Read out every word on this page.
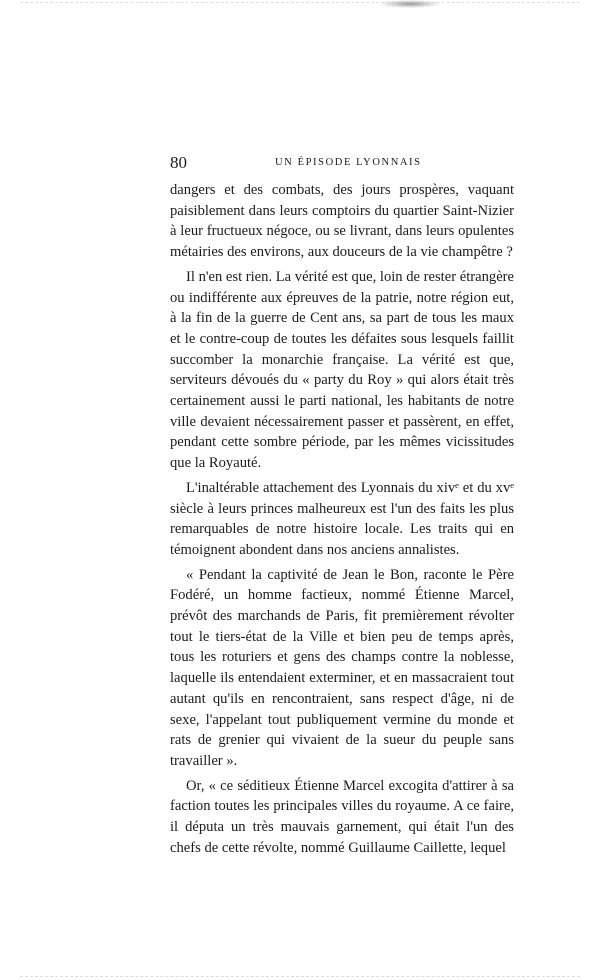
80	UN ÉPISODE LYONNAIS

dangers et des combats, des jours prospères, vaquant paisiblement dans leurs comptoirs du quartier Saint-Nizier à leur fructueux négoce, ou se livrant, dans leurs opulentes métairies des environs, aux douceurs de la vie champêtre ?

Il n'en est rien. La vérité est que, loin de rester étrangère ou indifférente aux épreuves de la patrie, notre région eut, à la fin de la guerre de Cent ans, sa part de tous les maux et le contre-coup de toutes les défaites sous lesquels faillit succomber la monarchie française. La vérité est que, serviteurs dévoués du « party du Roy » qui alors était très certainement aussi le parti national, les habitants de notre ville devaient nécessairement passer et passèrent, en effet, pendant cette sombre période, par les mêmes vicissitudes que la Royauté.

L'inaltérable attachement des Lyonnais du xivᵉ et du xvᵉ siècle à leurs princes malheureux est l'un des faits les plus remarquables de notre histoire locale. Les traits qui en témoignent abondent dans nos anciens annalistes.

« Pendant la captivité de Jean le Bon, raconte le Père Fodéré, un homme factieux, nommé Étienne Marcel, prévôt des marchands de Paris, fit premièrement révolter tout le tiers-état de la Ville et bien peu de temps après, tous les roturiers et gens des champs contre la noblesse, laquelle ils entendaient exterminer, et en massacraient tout autant qu'ils en rencontraient, sans respect d'âge, ni de sexe, l'appelant tout publiquement vermine du monde et rats de grenier qui vivaient de la sueur du peuple sans travailler ».

Or, « ce séditieux Étienne Marcel excogita d'attirer à sa faction toutes les principales villes du royaume. A ce faire, il députa un très mauvais garnement, qui était l'un des chefs de cette révolte, nommé Guillaume Caillette, lequel
